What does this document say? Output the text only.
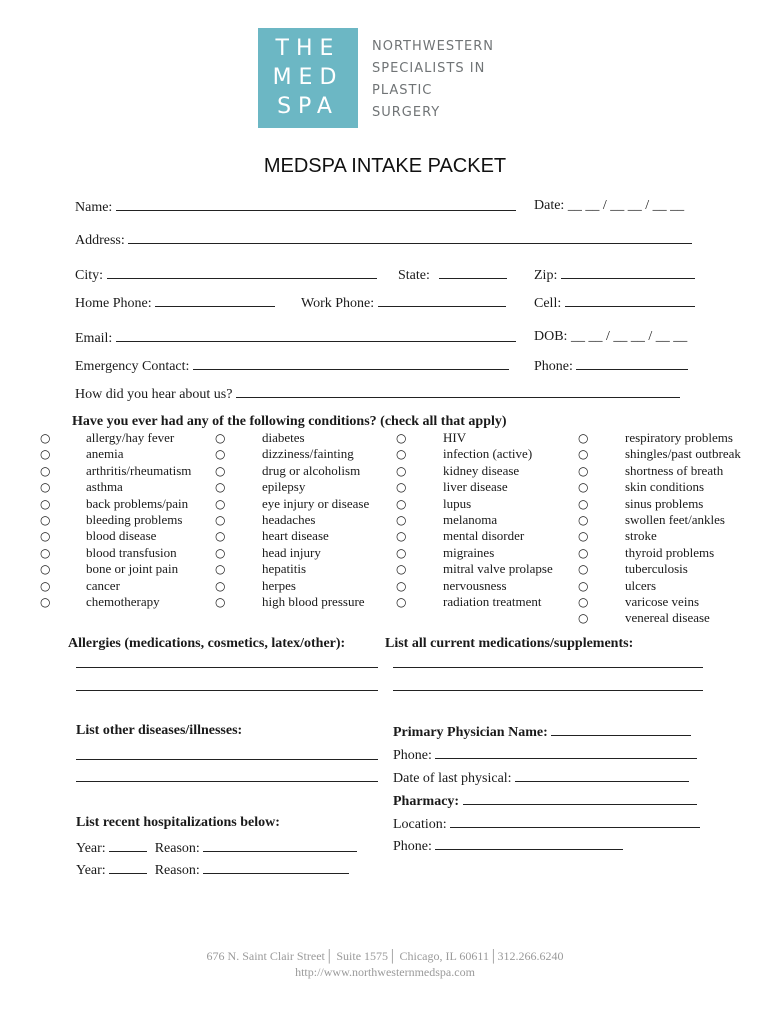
THE
MED
SPA
NORTHWESTERN
SPECIALISTS IN
PLASTIC
SURGERY
MEDSPA INTAKE PACKET
Name:	Date: __ __ / __ __ / __ __
Address:
City:	State:	Zip:
Home Phone:	Work Phone:	Cell:
Email:	DOB: __ __ / __ __ / __ __
Emergency Contact:	Phone:
How did you hear about us?
Have you ever had any of the following conditions? (check all that apply)
○	allergy/hay fever
○	anemia
○	arthritis/rheumatism
○	asthma
○	back problems/pain
○	bleeding problems
○	blood disease
○	blood transfusion
○	bone or joint pain
○	cancer
○	chemotherapy
○	diabetes
○	dizziness/fainting
○	drug or alcoholism
○	epilepsy
○	eye injury or disease
○	headaches
○	heart disease
○	head injury
○	hepatitis
○	herpes
○	high blood pressure
○	HIV
○	infection (active)
○	kidney disease
○	liver disease
○	lupus
○	melanoma
○	mental disorder
○	migraines
○	mitral valve prolapse
○	nervousness
○	radiation treatment
○	respiratory problems
○	shingles/past outbreak
○	shortness of breath
○	skin conditions
○	sinus problems
○	swollen feet/ankles
○	stroke
○	thyroid problems
○	tuberculosis
○	ulcers
○	varicose veins
○	venereal disease
Allergies (medications, cosmetics, latex/other):	List all current medications/supplements:
List other diseases/illnesses:	Primary Physician Name:
Phone:
Date of last physical:
Pharmacy:
List recent hospitalizations below:	Location:
Phone:
Year:	Reason:
Year:	Reason:
676 N. Saint Clair Street│ Suite 1575│ Chicago, IL 60611│312.266.6240
http://www.northwesternmedspa.com
